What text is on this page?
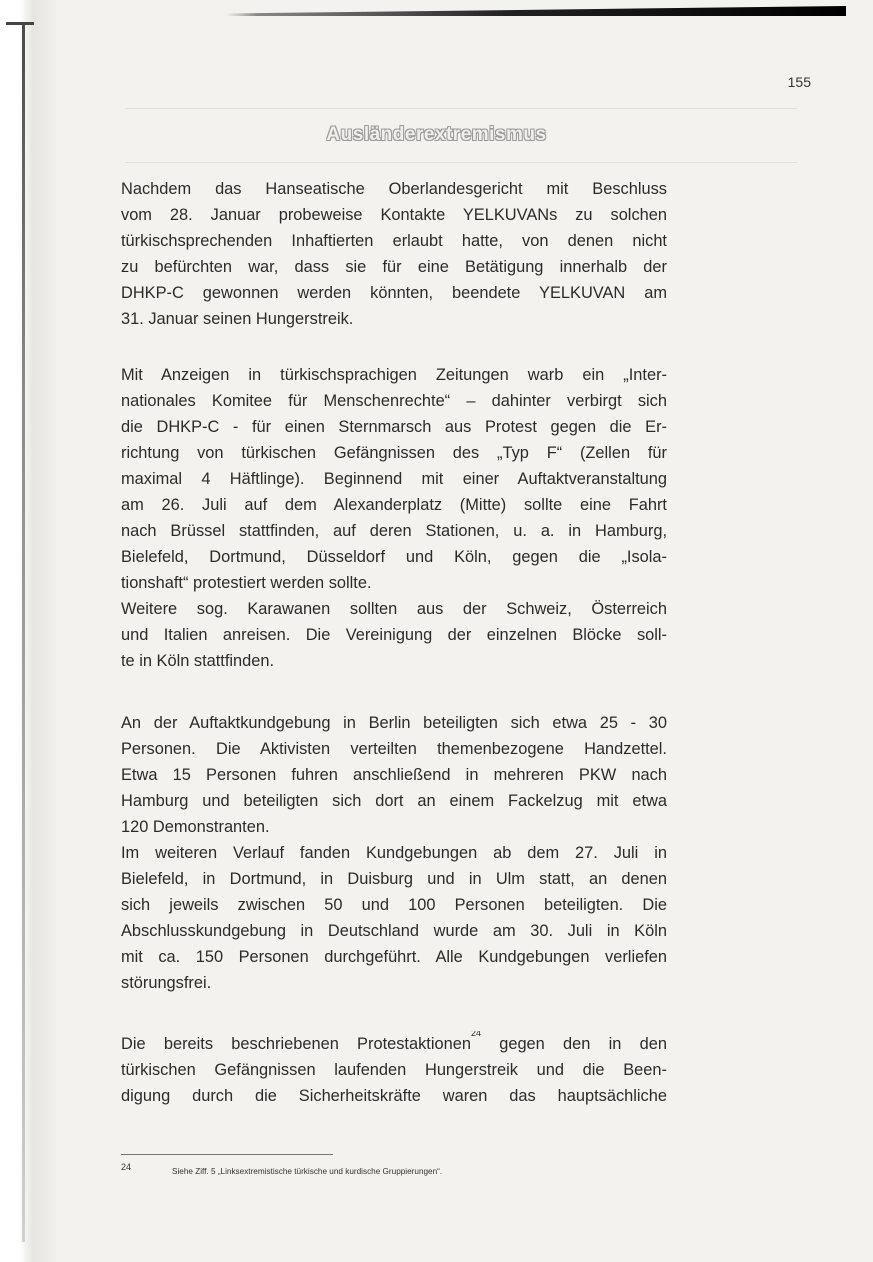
155
Ausländerextremismus
Nachdem das Hanseatische Oberlandesgericht mit Beschluss
vom 28. Januar probeweise Kontakte YELKUVANs zu solchen
türkischsprechenden Inhaftierten erlaubt hatte, von denen nicht
zu befürchten war, dass sie für eine Betätigung innerhalb der
DHKP-C gewonnen werden könnten, beendete YELKUVAN am
31. Januar seinen Hungerstreik.
Mit Anzeigen in türkischsprachigen Zeitungen warb ein „Inter-
nationales Komitee für Menschenrechte“ – dahinter verbirgt sich
die DHKP-C - für einen Sternmarsch aus Protest gegen die Er-
richtung von türkischen Gefängnissen des „Typ F“ (Zellen für
maximal 4 Häftlinge). Beginnend mit einer Auftaktveranstaltung
am 26. Juli auf dem Alexanderplatz (Mitte) sollte eine Fahrt
nach Brüssel stattfinden, auf deren Stationen, u. a. in Hamburg,
Bielefeld, Dortmund, Düsseldorf und Köln, gegen die „Isola-
tionshaft“ protestiert werden sollte.
Weitere sog. Karawanen sollten aus der Schweiz, Österreich
und Italien anreisen. Die Vereinigung der einzelnen Blöcke soll-
te in Köln stattfinden.
An der Auftaktkundgebung in Berlin beteiligten sich etwa 25 - 30
Personen. Die Aktivisten verteilten themenbezogene Handzettel.
Etwa 15 Personen fuhren anschließend in mehreren PKW nach
Hamburg und beteiligten sich dort an einem Fackelzug mit etwa
120 Demonstranten.
Im weiteren Verlauf fanden Kundgebungen ab dem 27. Juli in
Bielefeld, in Dortmund, in Duisburg und in Ulm statt, an denen
sich jeweils zwischen 50 und 100 Personen beteiligten. Die
Abschlusskundgebung in Deutschland wurde am 30. Juli in Köln
mit ca. 150 Personen durchgeführt. Alle Kundgebungen verliefen
störungsfrei.
Die bereits beschriebenen Protestaktionen$^{24}$ gegen den in den
türkischen Gefängnissen laufenden Hungerstreik und die Been-
digung durch die Sicherheitskräfte waren das hauptsächliche
24	Siehe Ziff. 5 „Linksextremistische türkische und kurdische Gruppierungen“.
